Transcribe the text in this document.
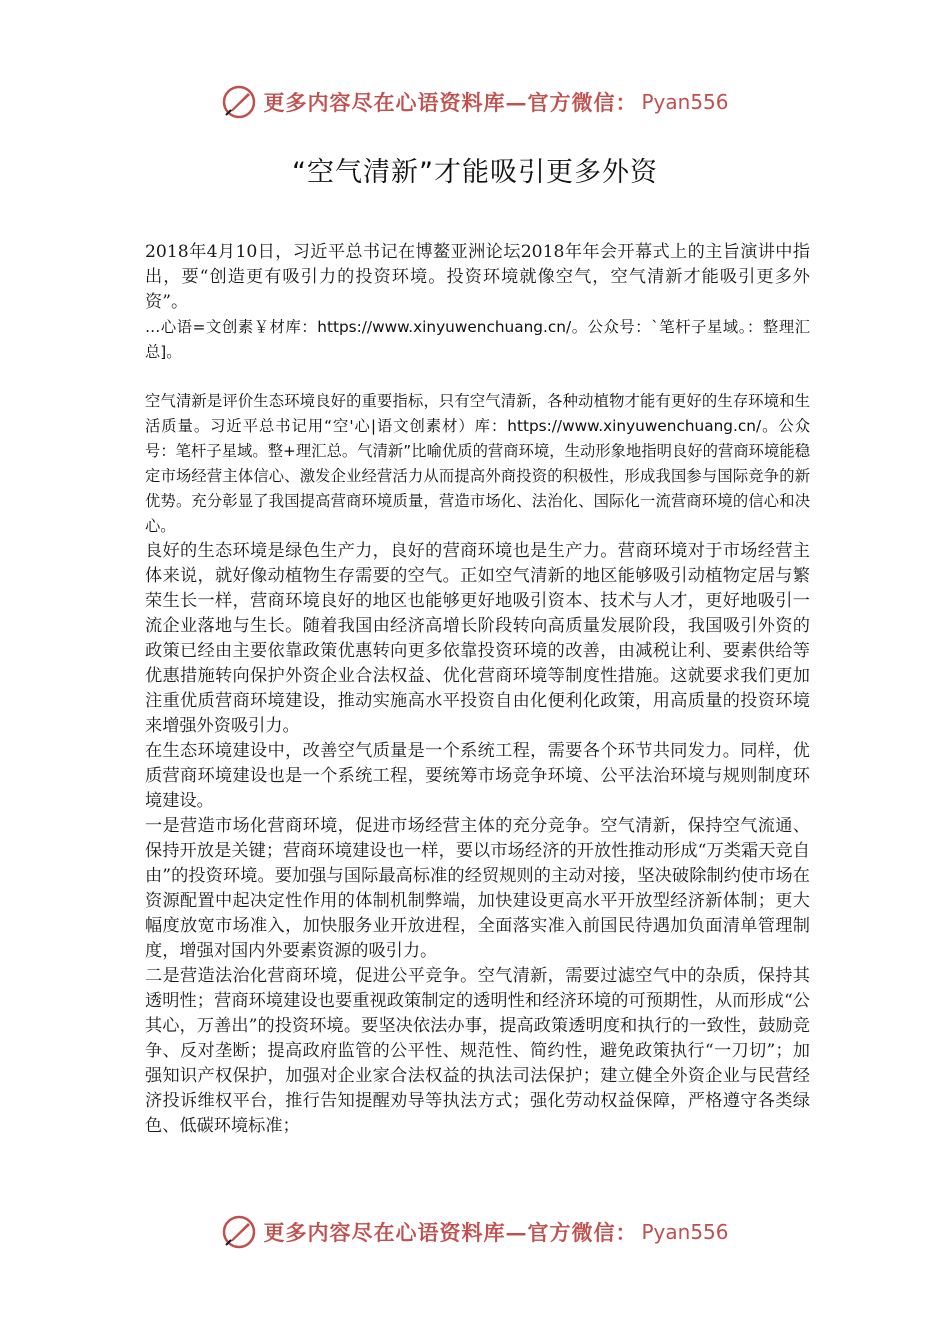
更多内容尽在心语资料库—官方微信： Pyan556
“空气清新”才能吸引更多外资

2018年4月10日，习近平总书记在博鳌亚洲论坛2018年年会开幕式上的主旨演讲中指出，要“创造更有吸引力的投资环境。投资环境就像空气，空气清新才能吸引更多外资”。

…心语=文创素￥材库：https://www.xinyuwenchuang.cn/。公众号：`笔杆子星域。：整理汇总]。

空气清新是评价生态环境良好的重要指标，只有空气清新，各种动植物才能有更好的生存环境和生活质量。习近平总书记用“空'心|语文创素材）库：https://www.xinyuwenchuang.cn/。公众号：笔杆子星域。整+理汇总。气清新”比喻优质的营商环境，生动形象地指明良好的营商环境能稳定市场经营主体信心、激发企业经营活力从而提高外商投资的积极性，形成我国参与国际竞争的新优势。充分彰显了我国提高营商环境质量，营造市场化、法治化、国际化一流营商环境的信心和决心。

良好的生态环境是绿色生产力，良好的营商环境也是生产力。营商环境对于市场经营主体来说，就好像动植物生存需要的空气。正如空气清新的地区能够吸引动植物定居与繁荣生长一样，营商环境良好的地区也能够更好地吸引资本、技术与人才，更好地吸引一流企业落地与生长。随着我国由经济高增长阶段转向高质量发展阶段，我国吸引外资的政策已经由主要依靠政策优惠转向更多依靠投资环境的改善，由减税让利、要素供给等优惠措施转向保护外资企业合法权益、优化营商环境等制度性措施。这就要求我们更加注重优质营商环境建设，推动实施高水平投资自由化便利化政策，用高质量的投资环境来增强外资吸引力。

在生态环境建设中，改善空气质量是一个系统工程，需要各个环节共同发力。同样，优质营商环境建设也是一个系统工程，要统筹市场竞争环境、公平法治环境与规则制度环境建设。

一是营造市场化营商环境，促进市场经营主体的充分竞争。空气清新，保持空气流通、保持开放是关键；营商环境建设也一样，要以市场经济的开放性推动形成“万类霜天竞自由”的投资环境。要加强与国际最高标准的经贸规则的主动对接，坚决破除制约使市场在资源配置中起决定性作用的体制机制弊端，加快建设更高水平开放型经济新体制；更大幅度放宽市场准入，加快服务业开放进程，全面落实准入前国民待遇加负面清单管理制度，增强对国内外要素资源的吸引力。

二是营造法治化营商环境，促进公平竞争。空气清新，需要过滤空气中的杂质，保持其透明性；营商环境建设也要重视政策制定的透明性和经济环境的可预期性，从而形成“公其心，万善出”的投资环境。要坚决依法办事，提高政策透明度和执行的一致性，鼓励竞争、反对垄断；提高政府监管的公平性、规范性、简约性，避免政策执行“一刀切”；加强知识产权保护，加强对企业家合法权益的执法司法保护；建立健全外资企业与民营经济投诉维权平台，推行告知提醒劝导等执法方式；强化劳动权益保障，严格遵守各类绿色、低碳环境标准；

更多内容尽在心语资料库—官方微信： Pyan556
